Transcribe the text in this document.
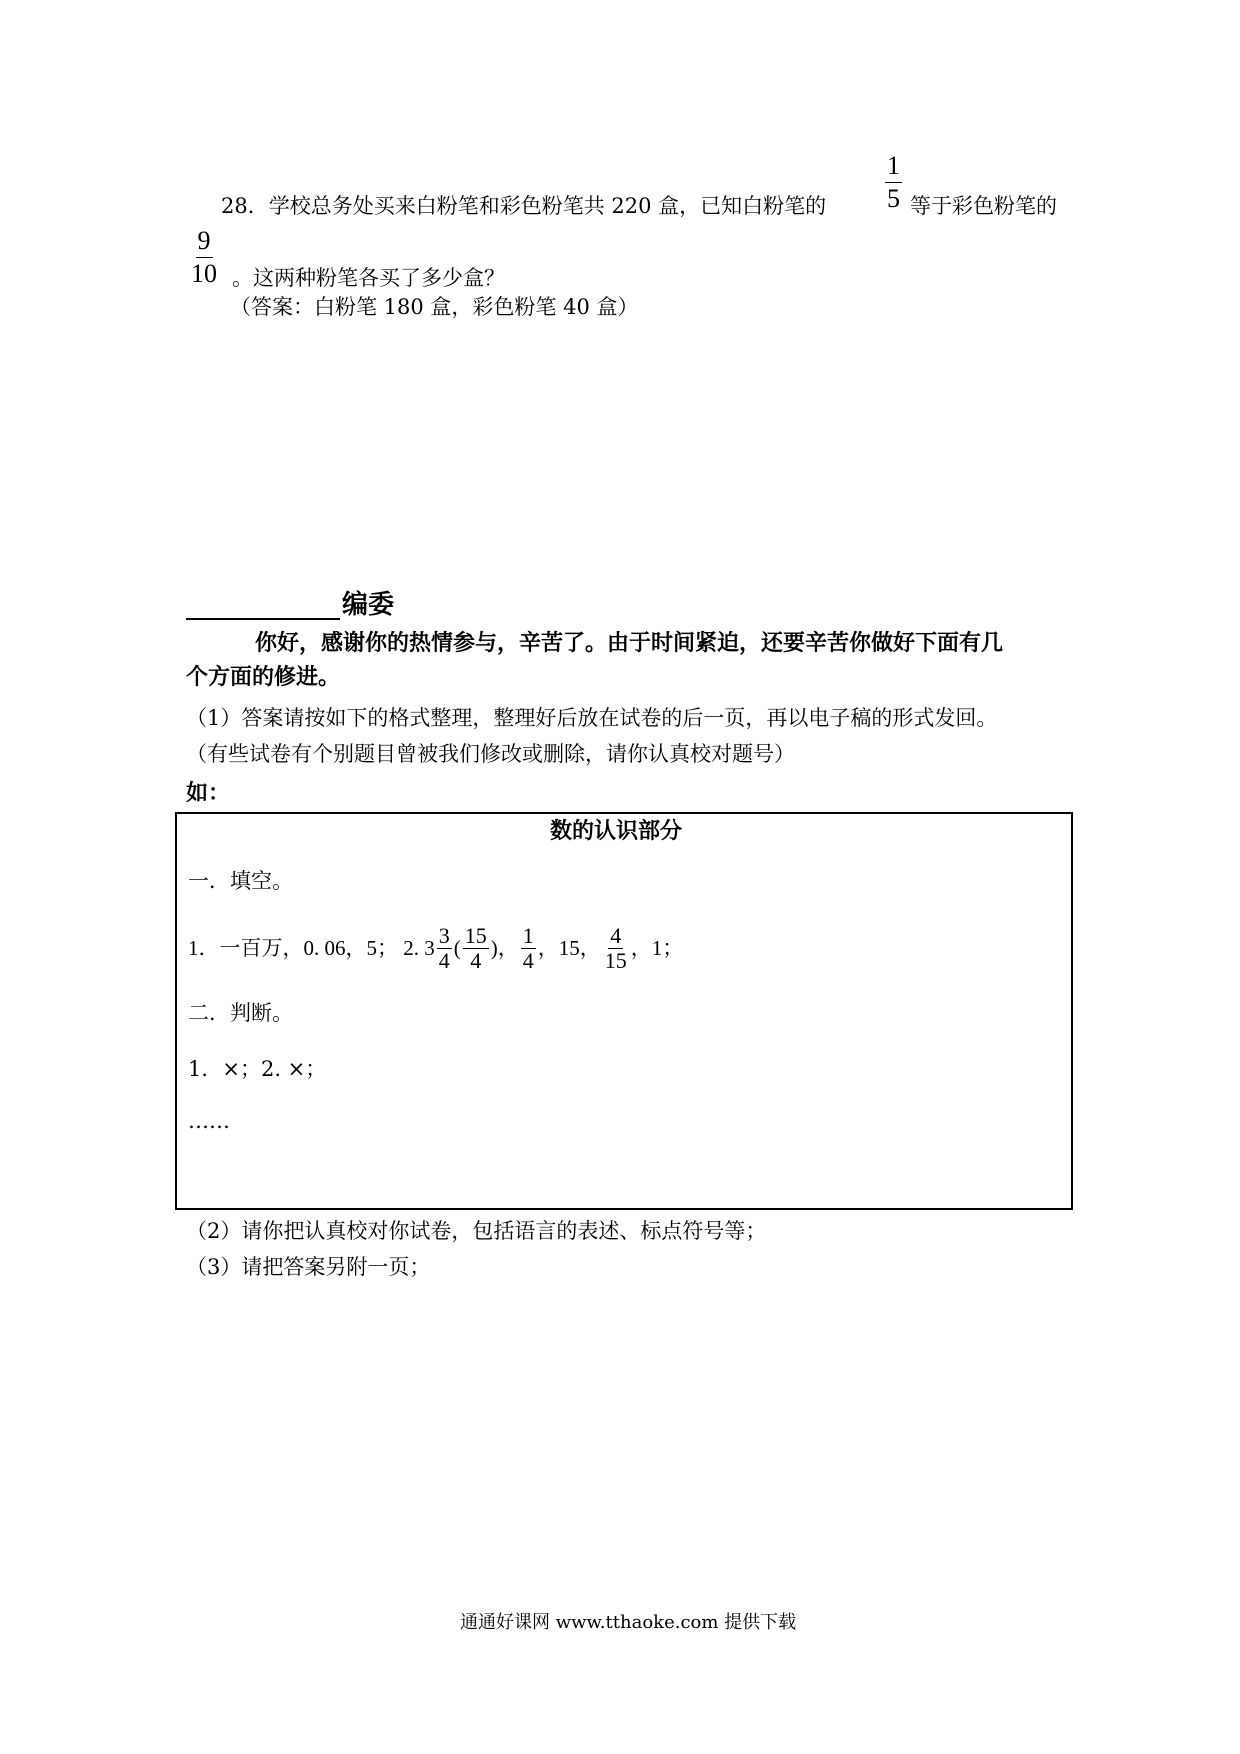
28．学校总务处买来白粉笔和彩色粉笔共 220 盒，已知白粉笔的 $\frac{1}{5}$ 等于彩色粉笔的
$\frac{9}{10}$ 。这两种粉笔各买了多少盒？
（答案：白粉笔 180 盒，彩色粉笔 40 盒）
编委
你好，感谢你的热情参与，辛苦了。由于时间紧迫，还要辛苦你做好下面有几
个方面的修进。
（1）答案请按如下的格式整理，整理好后放在试卷的后一页，再以电子稿的形式发回。
（有些试卷有个别题目曾被我们修改或删除，请你认真校对题号）
如：
数的认识部分
一．填空。
1．一百万，0. 06，5； 2. $3 \frac{3}{4}$ ( $\frac{15}{4}$ )， $\frac{1}{4}$ ，15， $\frac{4}{15}$ ，1；
二．判断。
1．×；2. ×；
……
（2）请你把认真校对你试卷，包括语言的表述、标点符号等；
（3）请把答案另附一页；
通通好课网 www.tthaoke.com 提供下载
